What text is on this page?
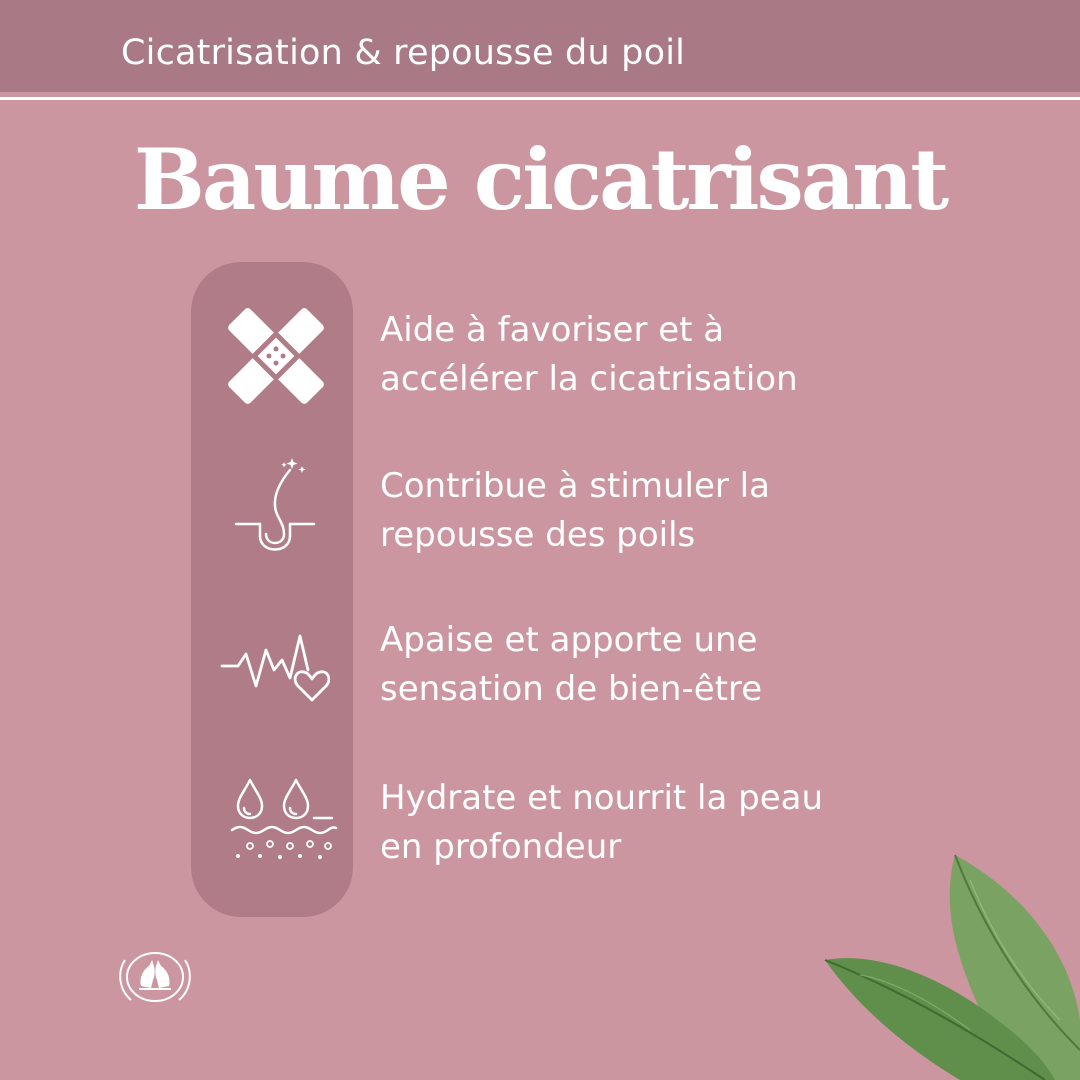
Cicatrisation & repousse du poil
Baume cicatrisant
Aide à favoriser et à
accélérer la cicatrisation
Contribue à stimuler la
repousse des poils
Apaise et apporte une
sensation de bien-être
Hydrate et nourrit la peau
en profondeur
